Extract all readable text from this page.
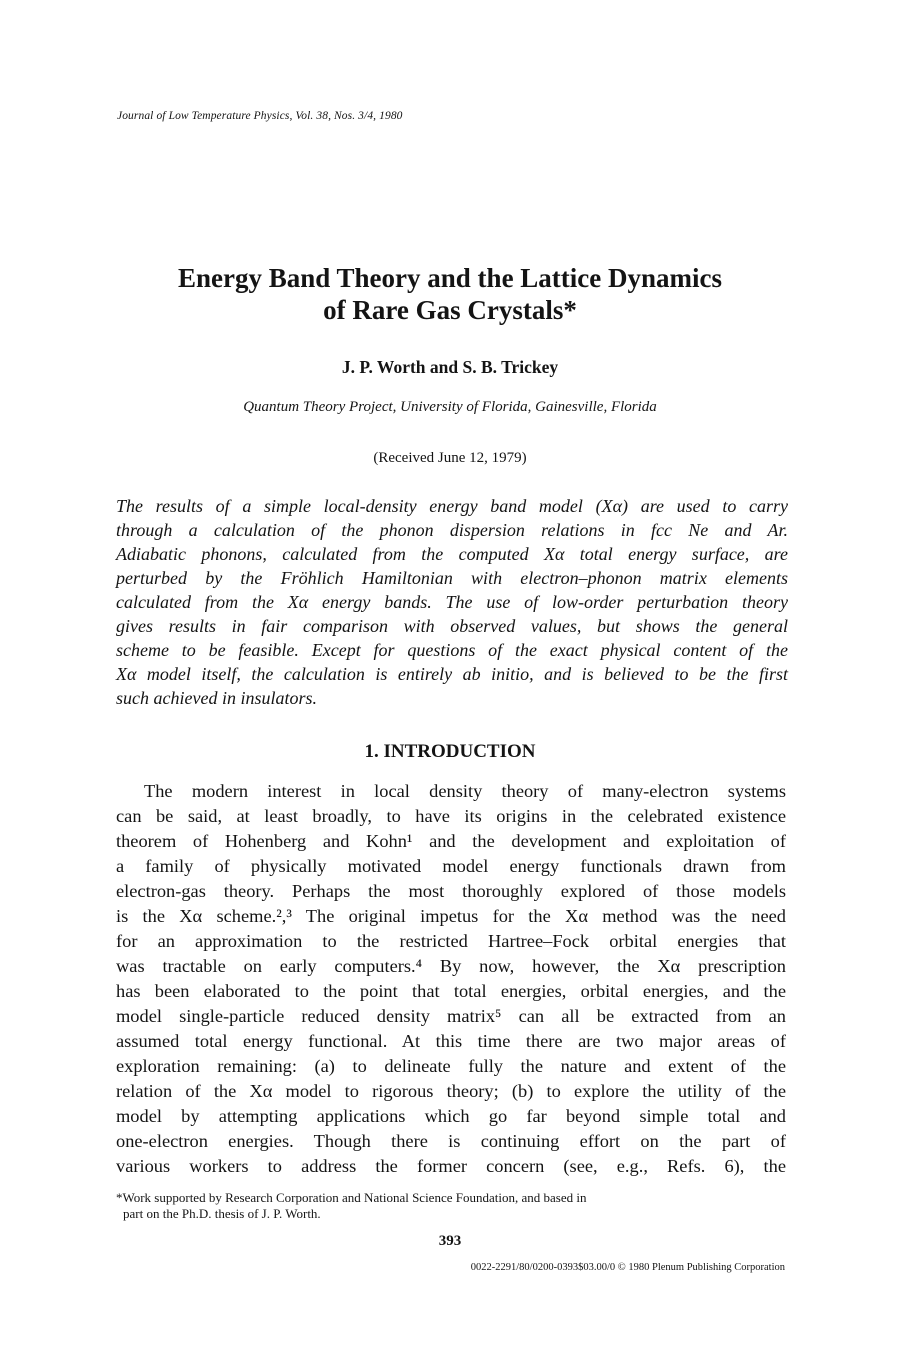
Journal of Low Temperature Physics, Vol. 38, Nos. 3/4, 1980
Energy Band Theory and the Lattice Dynamics
of Rare Gas Crystals*
J. P. Worth and S. B. Trickey
Quantum Theory Project, University of Florida, Gainesville, Florida
(Received June 12, 1979)
The results of a simple local-density energy band model (Xα) are used to carry
through a calculation of the phonon dispersion relations in fcc Ne and Ar.
Adiabatic phonons, calculated from the computed Xα total energy surface, are
perturbed by the Fröhlich Hamiltonian with electron–phonon matrix elements
calculated from the Xα energy bands. The use of low-order perturbation theory
gives results in fair comparison with observed values, but shows the general
scheme to be feasible. Except for questions of the exact physical content of the
Xα model itself, the calculation is entirely ab initio, and is believed to be the first
such achieved in insulators.
1. INTRODUCTION
The modern interest in local density theory of many-electron systems
can be said, at least broadly, to have its origins in the celebrated existence
theorem of Hohenberg and Kohn¹ and the development and exploitation of
a family of physically motivated model energy functionals drawn from
electron-gas theory. Perhaps the most thoroughly explored of those models
is the Xα scheme.²,³ The original impetus for the Xα method was the need
for an approximation to the restricted Hartree–Fock orbital energies that
was tractable on early computers.⁴ By now, however, the Xα prescription
has been elaborated to the point that total energies, orbital energies, and the
model single-particle reduced density matrix⁵ can all be extracted from an
assumed total energy functional. At this time there are two major areas of
exploration remaining: (a) to delineate fully the nature and extent of the
relation of the Xα model to rigorous theory; (b) to explore the utility of the
model by attempting applications which go far beyond simple total and
one-electron energies. Though there is continuing effort on the part of
various workers to address the former concern (see, e.g., Refs. 6), the
*Work supported by Research Corporation and National Science Foundation, and based in
part on the Ph.D. thesis of J. P. Worth.
393
0022-2291/80/0200-0393$03.00/0 © 1980 Plenum Publishing Corporation
